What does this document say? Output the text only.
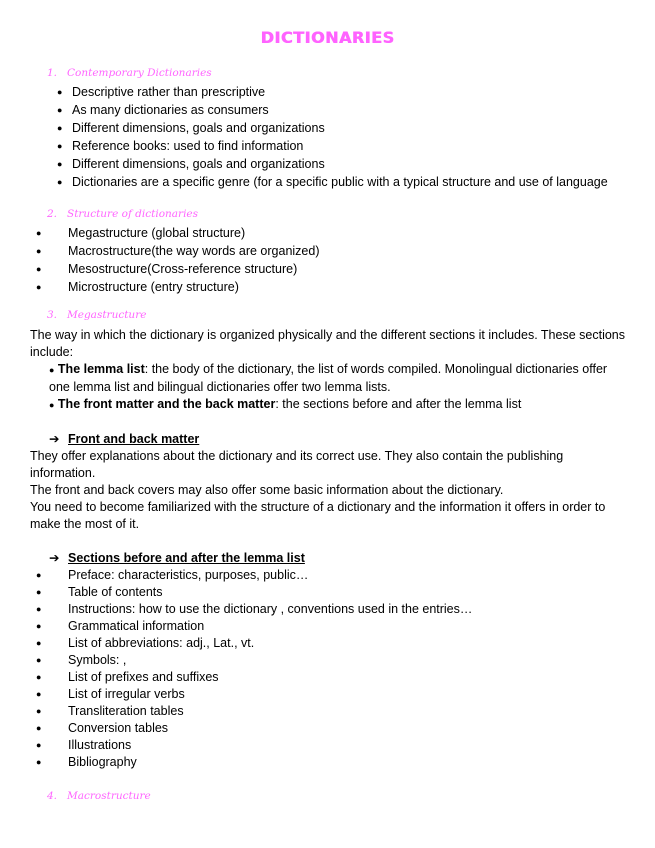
DICTIONARIES
1. Contemporary Dictionaries
● Descriptive rather than prescriptive
● As many dictionaries as consumers
● Different dimensions, goals and organizations
● Reference books: used to find information
● Different dimensions, goals and organizations
● Dictionaries are a specific genre (for a specific public with a typical structure and use of language
2. Structure of dictionaries
● Megastructure (global structure)
● Macrostructure(the way words are organized)
● Mesostructure(Cross-reference structure)
● Microstructure (entry structure)
3. Megastructure

The way in which the dictionary is organized physically and the different sections it includes. These sections include:

● The lemma list: the body of the dictionary, the list of words compiled. Monolingual dictionaries offer one lemma list and bilingual dictionaries offer two lemma lists.

● The front matter and the back matter: the sections before and after the lemma list

➔ Front and back matter

They offer explanations about the dictionary and its correct use. They also contain the publishing information.

The front and back covers may also offer some basic information about the dictionary.

You need to become familiarized with the structure of a dictionary and the information it offers in order to make the most of it.

➔ Sections before and after the lemma list
● Preface: characteristics, purposes, public…
● Table of contents
● Instructions: how to use the dictionary , conventions used in the entries…
● Grammatical information
● List of abbreviations: adj., Lat., vt.
● Symbols: ,
● List of prefixes and suffixes
● List of irregular verbs
● Transliteration tables
● Conversion tables
● Illustrations
● Bibliography
4. Macrostructure
